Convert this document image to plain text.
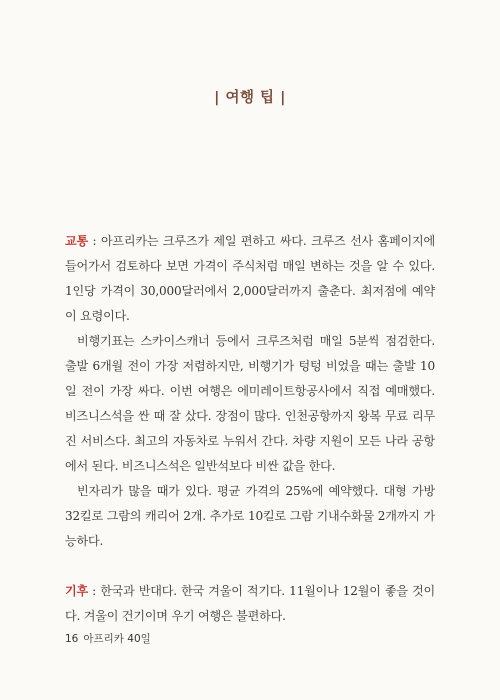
| 여행 팁 |

교통 : 아프리카는 크루즈가 제일 편하고 싸다. 크루즈 선사 홈페이지에 들어가서 검토하다 보면 가격이 주식처럼 매일 변하는 것을 알 수 있다. 1인당 가격이 30,000달러에서 2,000달러까지 출춘다. 최저점에 예약이 요령이다.

비행기표는 스카이스캐너 등에서 크루즈처럼 매일 5분씩 점검한다. 출발 6개월 전이 가장 저렴하지만, 비행기가 텅텅 비었을 때는 출발 10일 전이 가장 싸다. 이번 여행은 에미레이트항공사에서 직접 예매했다. 비즈니스석을 싼 때 잘 샀다. 장점이 많다. 인천공항까지 왕복 무료 리무진 서비스다. 최고의 자동차로 누워서 간다. 차량 지원이 모든 나라 공항에서 된다. 비즈니스석은 일반석보다 비싼 값을 한다.

빈자리가 많을 때가 있다. 평균 가격의 25%에 예약했다. 대형 가방 32킬로 그람의 캐리어 2개. 추가로 10킬로 그람 기내수화물 2개까지 가능하다.

기후 : 한국과 반대다. 한국 겨울이 적기다. 11월이나 12월이 좋을 것이다. 겨울이 건기이며 우기 여행은 불편하다.

16 아프리카 40일
